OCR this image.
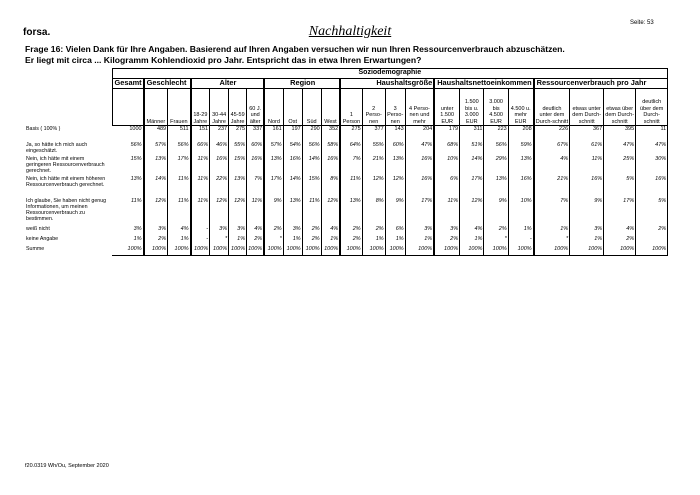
forsa.
Seite: 53
Nachhaltigkeit
Frage 16: Vielen Dank für Ihre Angaben. Basierend auf Ihren Angaben versuchen wir nun Ihren Ressourcenverbrauch abzuschätzen.
Er liegt mit circa ... Kilogramm Kohlendioxid pro Jahr. Entspricht das in etwa Ihren Erwartungen?
	Soziodemographie																						
	Gesamt	Geschlecht		Alter				Region				Haushaltsgröße				Haushaltsnettoeinkommen				Ressourcenverbrauch pro Jahr			
		Männer	Frauen	18-29 Jahre	30-44 Jahre	45-59 Jahre	60 J. und älter	Nord	Ost	Süd	West	1 Person	2 Perso-nen	3 Perso-nen	4 Perso-nen und mehr	unter 1.500 EUR	1.500 bis u. 3.000 EUR	3.000 bis 4.500 EUR	4.500 u. mehr EUR	deutlich unter dem Durch-schnitt	etwas unter dem Durch-schnitt	etwas über dem Durch-schnitt	deutlich über dem Durch-schnitt
Basis ( 100% )	1000	489	511	151	237	275	337	161	197	290	352	275	377	143	204	179	311	223	208	226	367	395	11
Ja, so hätte ich mich auch eingeschätzt.	56%	57%	56%	66%	46%	55%	60%	57%	54%	56%	58%	64%	55%	60%	47%	68%	51%	56%	59%	67%	61%	47%	47%
Nein, ich hätte mit einem geringeren Ressourcenverbrauch gerechnet.	15%	13%	17%	11%	16%	15%	16%	13%	16%	14%	16%	7%	21%	13%	16%	10%	14%	29%	13%	4%	11%	25%	30%
Nein, ich hätte mit einem höheren Ressourcenverbrauch gerechnet.	13%	14%	11%	11%	22%	13%	7%	17%	14%	15%	8%	11%	12%	12%	16%	6%	17%	13%	16%	21%	16%	5%	16%
Ich glaube, Sie haben nicht genug Informationen, um meinen Ressourcenverbrauch zu bestimmen.	11%	12%	11%	11%	12%	12%	11%	9%	13%	11%	12%	13%	8%	9%	17%	11%	12%	9%	10%	7%	9%	17%	5%
weiß nicht	3%	3%	4%	-	3%	3%	4%	2%	3%	2%	4%	2%	2%	6%	3%	3%	4%	2%	1%	1%	3%	4%	2%
keine Angabe	1%	2%	1%	-	*	1%	2%	*	1%	2%	1%	2%	1%	1%	1%	2%	1%	*	-	*	1%	2%	
Summe	100%	100%	100%	100%	100%	100%	100%	100%	100%	100%	100%	100%	100%	100%	100%	100%	100%	100%	100%	100%	100%	100%	100%
f20.0319 Wh/Ou, September 2020
